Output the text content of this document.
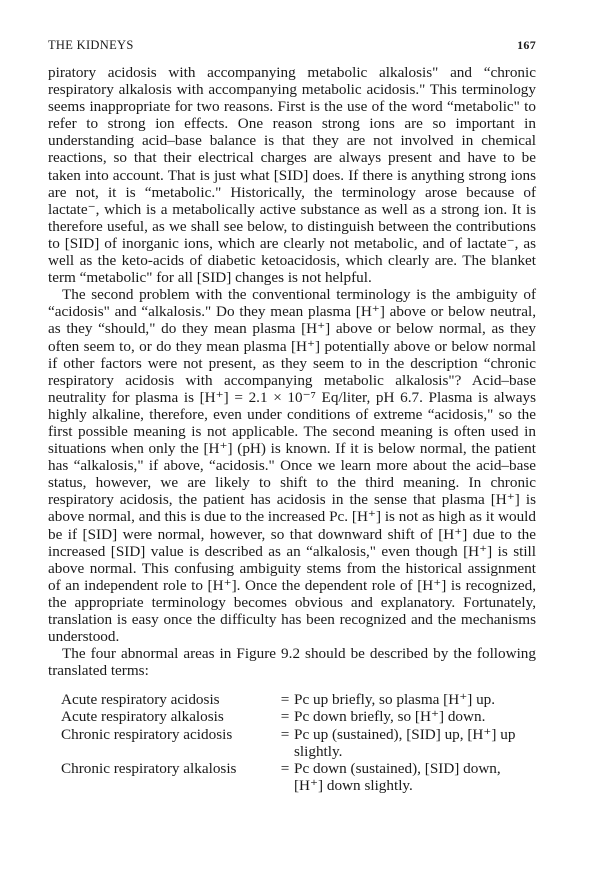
THE KIDNEYS	167

piratory acidosis with accompanying metabolic alkalosis" and “chronic respiratory alkalosis with accompanying metabolic acidosis." This terminology seems inappropriate for two reasons. First is the use of the word “metabolic" to refer to strong ion effects. One reason strong ions are so important in understanding acid–base balance is that they are not involved in chemical reactions, so that their electrical charges are always present and have to be taken into account. That is just what [SID] does. If there is anything strong ions are not, it is “metabolic." Historically, the terminology arose because of lactate⁻, which is a metabolically active substance as well as a strong ion. It is therefore useful, as we shall see below, to distinguish between the contributions to [SID] of inorganic ions, which are clearly not metabolic, and of lactate⁻, as well as the keto-acids of diabetic ketoacidosis, which clearly are. The blanket term “metabolic" for all [SID] changes is not helpful.

The second problem with the conventional terminology is the ambiguity of “acidosis" and “alkalosis." Do they mean plasma [H⁺] above or below neutral, as they “should," do they mean plasma [H⁺] above or below normal, as they often seem to, or do they mean plasma [H⁺] potentially above or below normal if other factors were not present, as they seem to in the description “chronic respiratory acidosis with accompanying metabolic alkalosis"? Acid–base neutrality for plasma is [H⁺] = 2.1 × 10⁻⁷ Eq/liter, pH 6.7. Plasma is always highly alkaline, therefore, even under conditions of extreme “acidosis," so the first possible meaning is not applicable. The second meaning is often used in situations when only the [H⁺] (pH) is known. If it is below normal, the patient has “alkalosis," if above, “acidosis." Once we learn more about the acid–base status, however, we are likely to shift to the third meaning. In chronic respiratory acidosis, the patient has acidosis in the sense that plasma [H⁺] is above normal, and this is due to the increased Pc. [H⁺] is not as high as it would be if [SID] were normal, however, so that downward shift of [H⁺] due to the increased [SID] value is described as an “alkalosis," even though [H⁺] is still above normal. This confusing ambiguity stems from the historical assignment of an independent role to [H⁺]. Once the dependent role of [H⁺] is recognized, the appropriate terminology becomes obvious and explanatory. Fortunately, translation is easy once the difficulty has been recognized and the mechanisms understood.

The four abnormal areas in Figure 9.2 should be described by the following translated terms:

Acute respiratory acidosis	= Pc up briefly, so plasma [H⁺] up.
Acute respiratory alkalosis	= Pc down briefly, so [H⁺] down.
Chronic respiratory acidosis	= Pc up (sustained), [SID] up, [H⁺] up slightly.
Chronic respiratory alkalosis	= Pc down (sustained), [SID] down, [H⁺] down slightly.
